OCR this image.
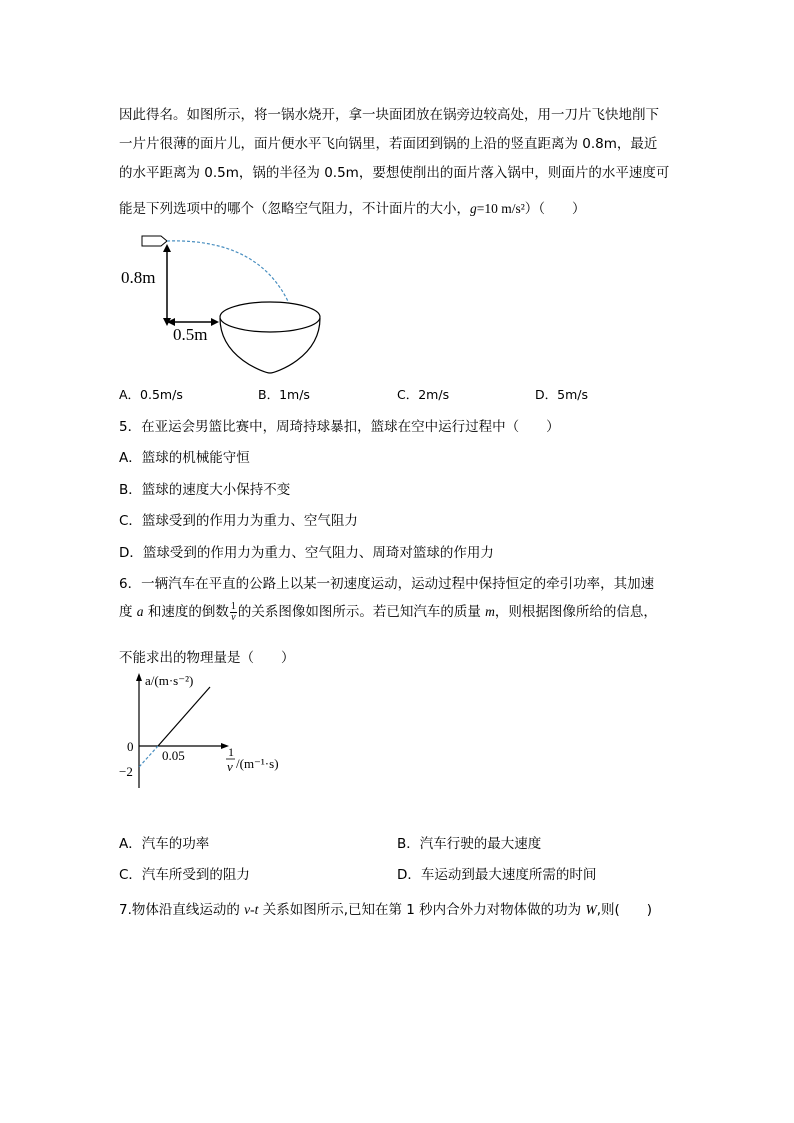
因此得名。如图所示，将一锅水烧开，拿一块面团放在锅旁边较高处，用一刀片飞快地削下
一片片很薄的面片儿，面片便水平飞向锅里，若面团到锅的上沿的竖直距离为 0.8m，最近
的水平距离为 0.5m，锅的半径为 0.5m，要想使削出的面片落入锅中，则面片的水平速度可
能是下列选项中的哪个（忽略空气阻力，不计面片的大小，g=10 m/s²）（　　）
0.8m
0.5m
A．0.5m/s	B．1m/s	C．2m/s	D．5m/s
5．在亚运会男篮比赛中，周琦持球暴扣，篮球在空中运行过程中（　　）
A．篮球的机械能守恒
B．篮球的速度大小保持不变
C．篮球受到的作用力为重力、空气阻力
D．篮球受到的作用力为重力、空气阻力、周琦对篮球的作用力
6．一辆汽车在平直的公路上以某一初速度运动，运动过程中保持恒定的牵引功率，其加速
度 a 和速度的倒数 $\frac{1}{v}$ 的关系图像如图所示。若已知汽车的质量 m，则根据图像所给的信息，
不能求出的物理量是（　　）
a/(m·s⁻²)
0
−2
0.05	1
v /(m⁻¹·s)
A．汽车的功率	B．汽车行驶的最大速度
C．汽车所受到的阻力	D．车运动到最大速度所需的时间
7.物体沿直线运动的 v-t 关系如图所示,已知在第 1 秒内合外力对物体做的功为 W,则(　　)
